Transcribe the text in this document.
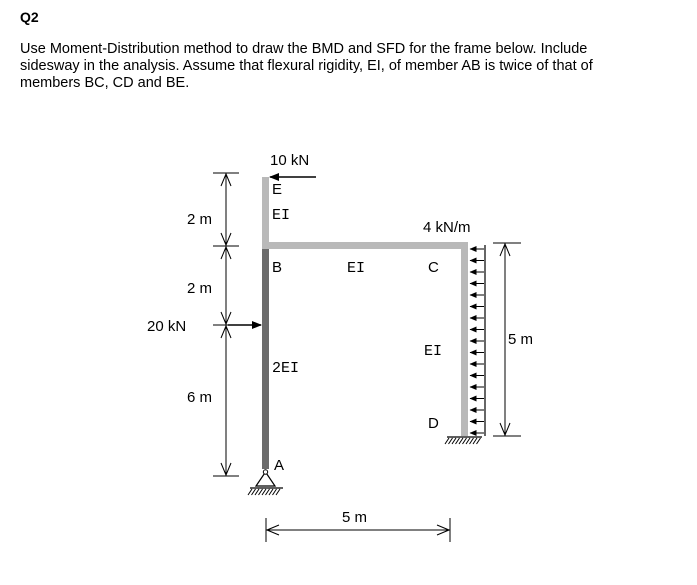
Q2
Use Moment-Distribution method to draw the BMD and SFD for the frame below. Include
sidesway in the analysis. Assume that flexural rigidity, EI, of member AB is twice of that of
members BC, CD and BE.
10 kN
20 kN
4 kN/m
E
B	C
D
A
EI
EI
EI
2EI
2 m
2 m
6 m
5 m
5 m
